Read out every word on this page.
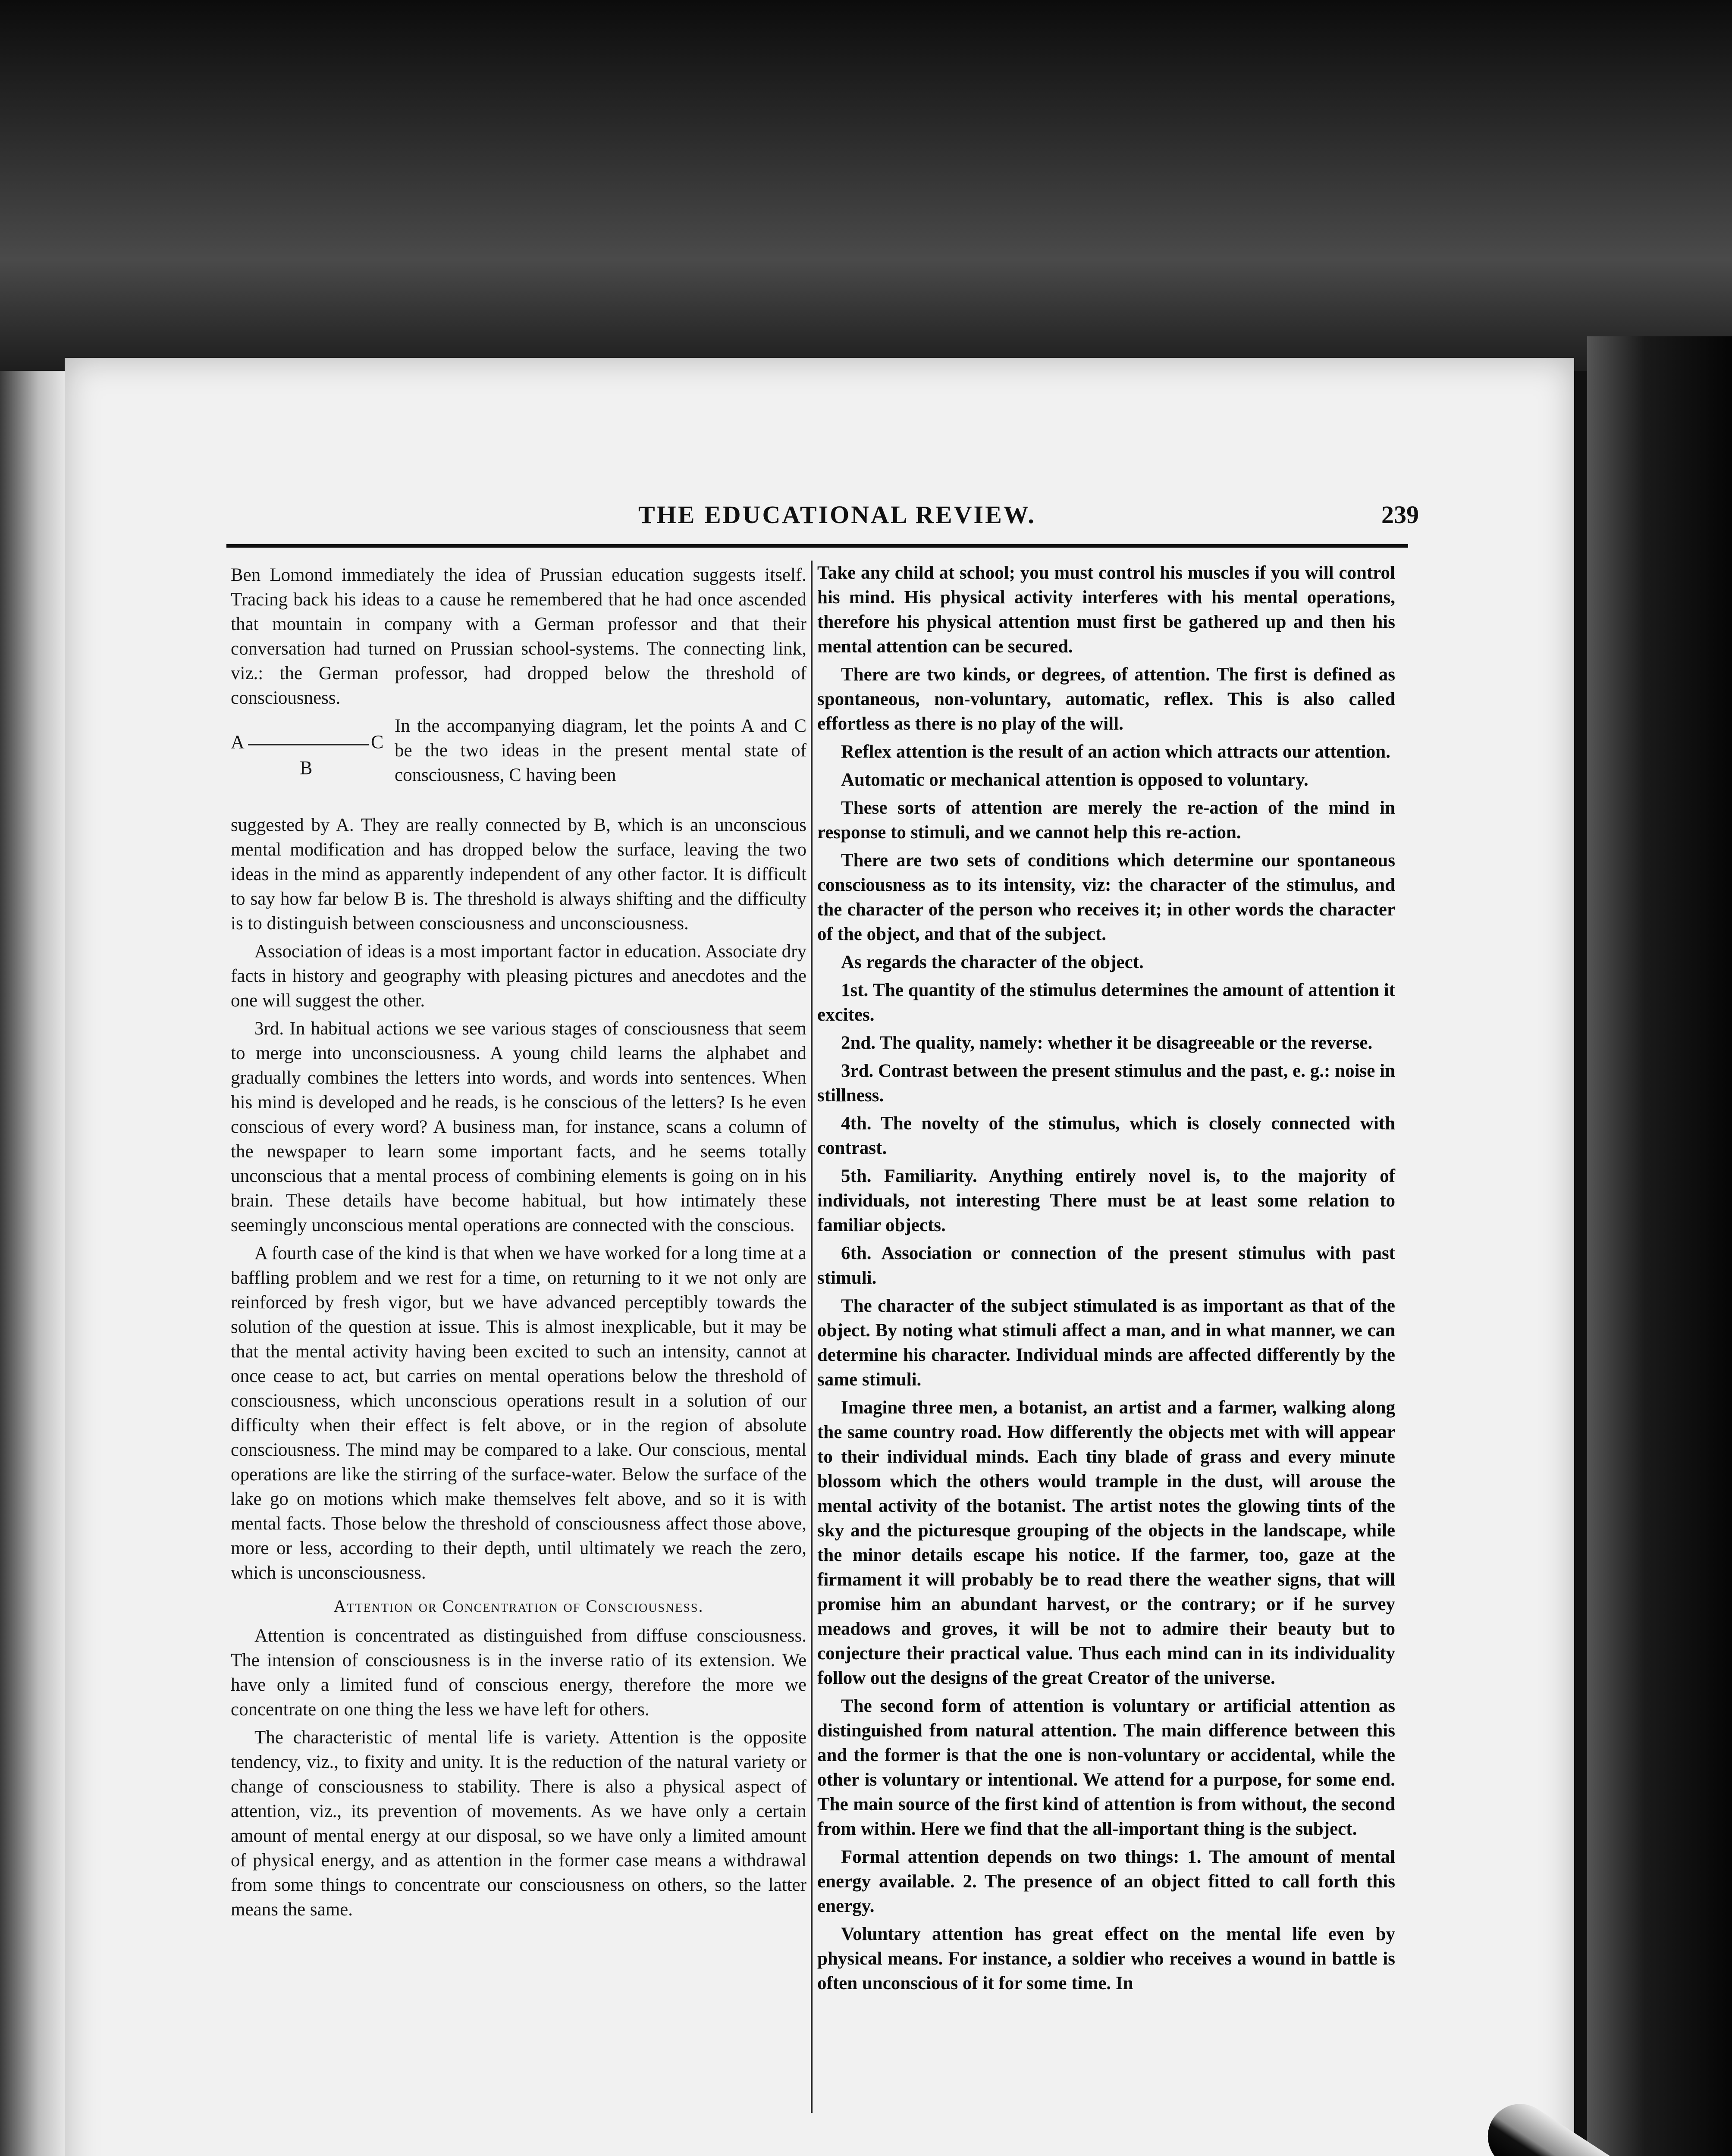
THE EDUCATIONAL REVIEW.	239

Ben Lomond immediately the idea of Prussian education suggests itself. Tracing back his ideas to a cause he remembered that he had once ascended that mountain in company with a German professor and that their conversation had turned on Prussian school-systems. The connecting link, viz.: the German professor, had dropped below the threshold of consciousness.

A	C
B
In the accompanying diagram, let the points A and C be the two ideas in the present mental state of consciousness, C having been

suggested by A. They are really connected by B, which is an unconscious mental modification and has dropped below the surface, leaving the two ideas in the mind as apparently independent of any other factor. It is difficult to say how far below B is. The threshold is always shifting and the difficulty is to distinguish between consciousness and unconsciousness.

Association of ideas is a most important factor in education. Associate dry facts in history and geography with pleasing pictures and anecdotes and the one will suggest the other.

3rd. In habitual actions we see various stages of consciousness that seem to merge into unconsciousness. A young child learns the alphabet and gradually combines the letters into words, and words into sentences. When his mind is developed and he reads, is he conscious of the letters? Is he even conscious of every word? A business man, for instance, scans a column of the newspaper to learn some important facts, and he seems totally unconscious that a mental process of combining elements is going on in his brain. These details have become habitual, but how intimately these seemingly unconscious mental operations are connected with the conscious.

A fourth case of the kind is that when we have worked for a long time at a baffling problem and we rest for a time, on returning to it we not only are reinforced by fresh vigor, but we have advanced perceptibly towards the solution of the question at issue. This is almost inexplicable, but it may be that the mental activity having been excited to such an intensity, cannot at once cease to act, but carries on mental operations below the threshold of consciousness, which unconscious operations result in a solution of our difficulty when their effect is felt above, or in the region of absolute consciousness. The mind may be compared to a lake. Our conscious, mental operations are like the stirring of the surface-water. Below the surface of the lake go on motions which make themselves felt above, and so it is with mental facts. Those below the threshold of consciousness affect those above, more or less, according to their depth, until ultimately we reach the zero, which is unconsciousness.

Attention or Concentration of Consciousness.

Attention is concentrated as distinguished from diffuse consciousness. The intension of consciousness is in the inverse ratio of its extension. We have only a limited fund of conscious energy, therefore the more we concentrate on one thing the less we have left for others.

The characteristic of mental life is variety. Attention is the opposite tendency, viz., to fixity and unity. It is the reduction of the natural variety or change of consciousness to stability. There is also a physical aspect of attention, viz., its prevention of movements. As we have only a certain amount of mental energy at our disposal, so we have only a limited amount of physical energy, and as attention in the former case means a withdrawal from some things to concentrate our consciousness on others, so the latter means the same.

Take any child at school; you must control his muscles if you will control his mind. His physical activity interferes with his mental operations, therefore his physical attention must first be gathered up and then his mental attention can be secured.

There are two kinds, or degrees, of attention. The first is defined as spontaneous, non-voluntary, automatic, reflex. This is also called effortless as there is no play of the will.

Reflex attention is the result of an action which attracts our attention.

Automatic or mechanical attention is opposed to voluntary.

These sorts of attention are merely the re-action of the mind in response to stimuli, and we cannot help this re-action.

There are two sets of conditions which determine our spontaneous consciousness as to its intensity, viz: the character of the stimulus, and the character of the person who receives it; in other words the character of the object, and that of the subject.

As regards the character of the object.

1st. The quantity of the stimulus determines the amount of attention it excites.

2nd. The quality, namely: whether it be disagreeable or the reverse.

3rd. Contrast between the present stimulus and the past, e. g.: noise in stillness.

4th. The novelty of the stimulus, which is closely connected with contrast.

5th. Familiarity. Anything entirely novel is, to the majority of individuals, not interesting There must be at least some relation to familiar objects.

6th. Association or connection of the present stimulus with past stimuli.

The character of the subject stimulated is as important as that of the object. By noting what stimuli affect a man, and in what manner, we can determine his character. Individual minds are affected differently by the same stimuli.

Imagine three men, a botanist, an artist and a farmer, walking along the same country road. How differently the objects met with will appear to their individual minds. Each tiny blade of grass and every minute blossom which the others would trample in the dust, will arouse the mental activity of the botanist. The artist notes the glowing tints of the sky and the picturesque grouping of the objects in the landscape, while the minor details escape his notice. If the farmer, too, gaze at the firmament it will probably be to read there the weather signs, that will promise him an abundant harvest, or the contrary; or if he survey meadows and groves, it will be not to admire their beauty but to conjecture their practical value. Thus each mind can in its individuality follow out the designs of the great Creator of the universe.

The second form of attention is voluntary or artificial attention as distinguished from natural attention. The main difference between this and the former is that the one is non-voluntary or accidental, while the other is voluntary or intentional. We attend for a purpose, for some end. The main source of the first kind of attention is from without, the second from within. Here we find that the all-important thing is the subject.

Formal attention depends on two things: 1. The amount of mental energy available. 2. The presence of an object fitted to call forth this energy.

Voluntary attention has great effect on the mental life even by physical means. For instance, a soldier who receives a wound in battle is often unconscious of it for some time. In
